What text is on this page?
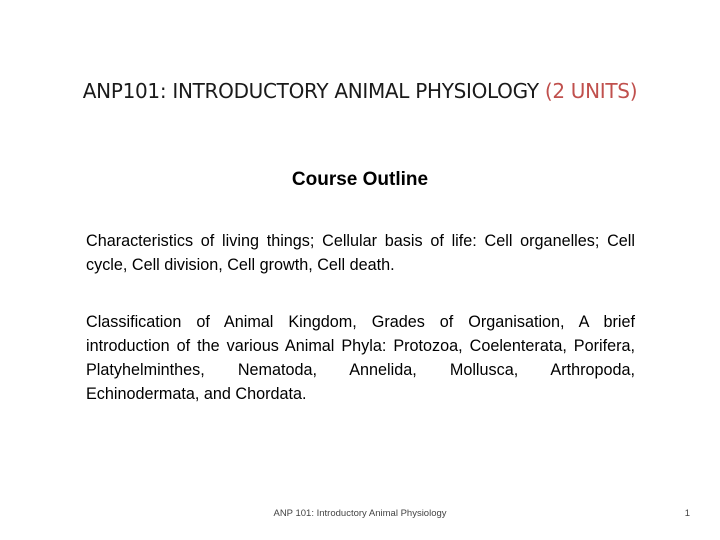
ANP101: INTRODUCTORY ANIMAL PHYSIOLOGY (2 UNITS)
Course Outline
Characteristics of living things; Cellular basis of life: Cell organelles; Cell cycle, Cell division, Cell growth, Cell death.
Classification of Animal Kingdom, Grades of Organisation, A brief introduction of the various Animal Phyla: Protozoa, Coelenterata, Porifera, Platyhelminthes, Nematoda, Annelida, Mollusca, Arthropoda, Echinodermata, and Chordata.
ANP 101: Introductory Animal Physiology	1
